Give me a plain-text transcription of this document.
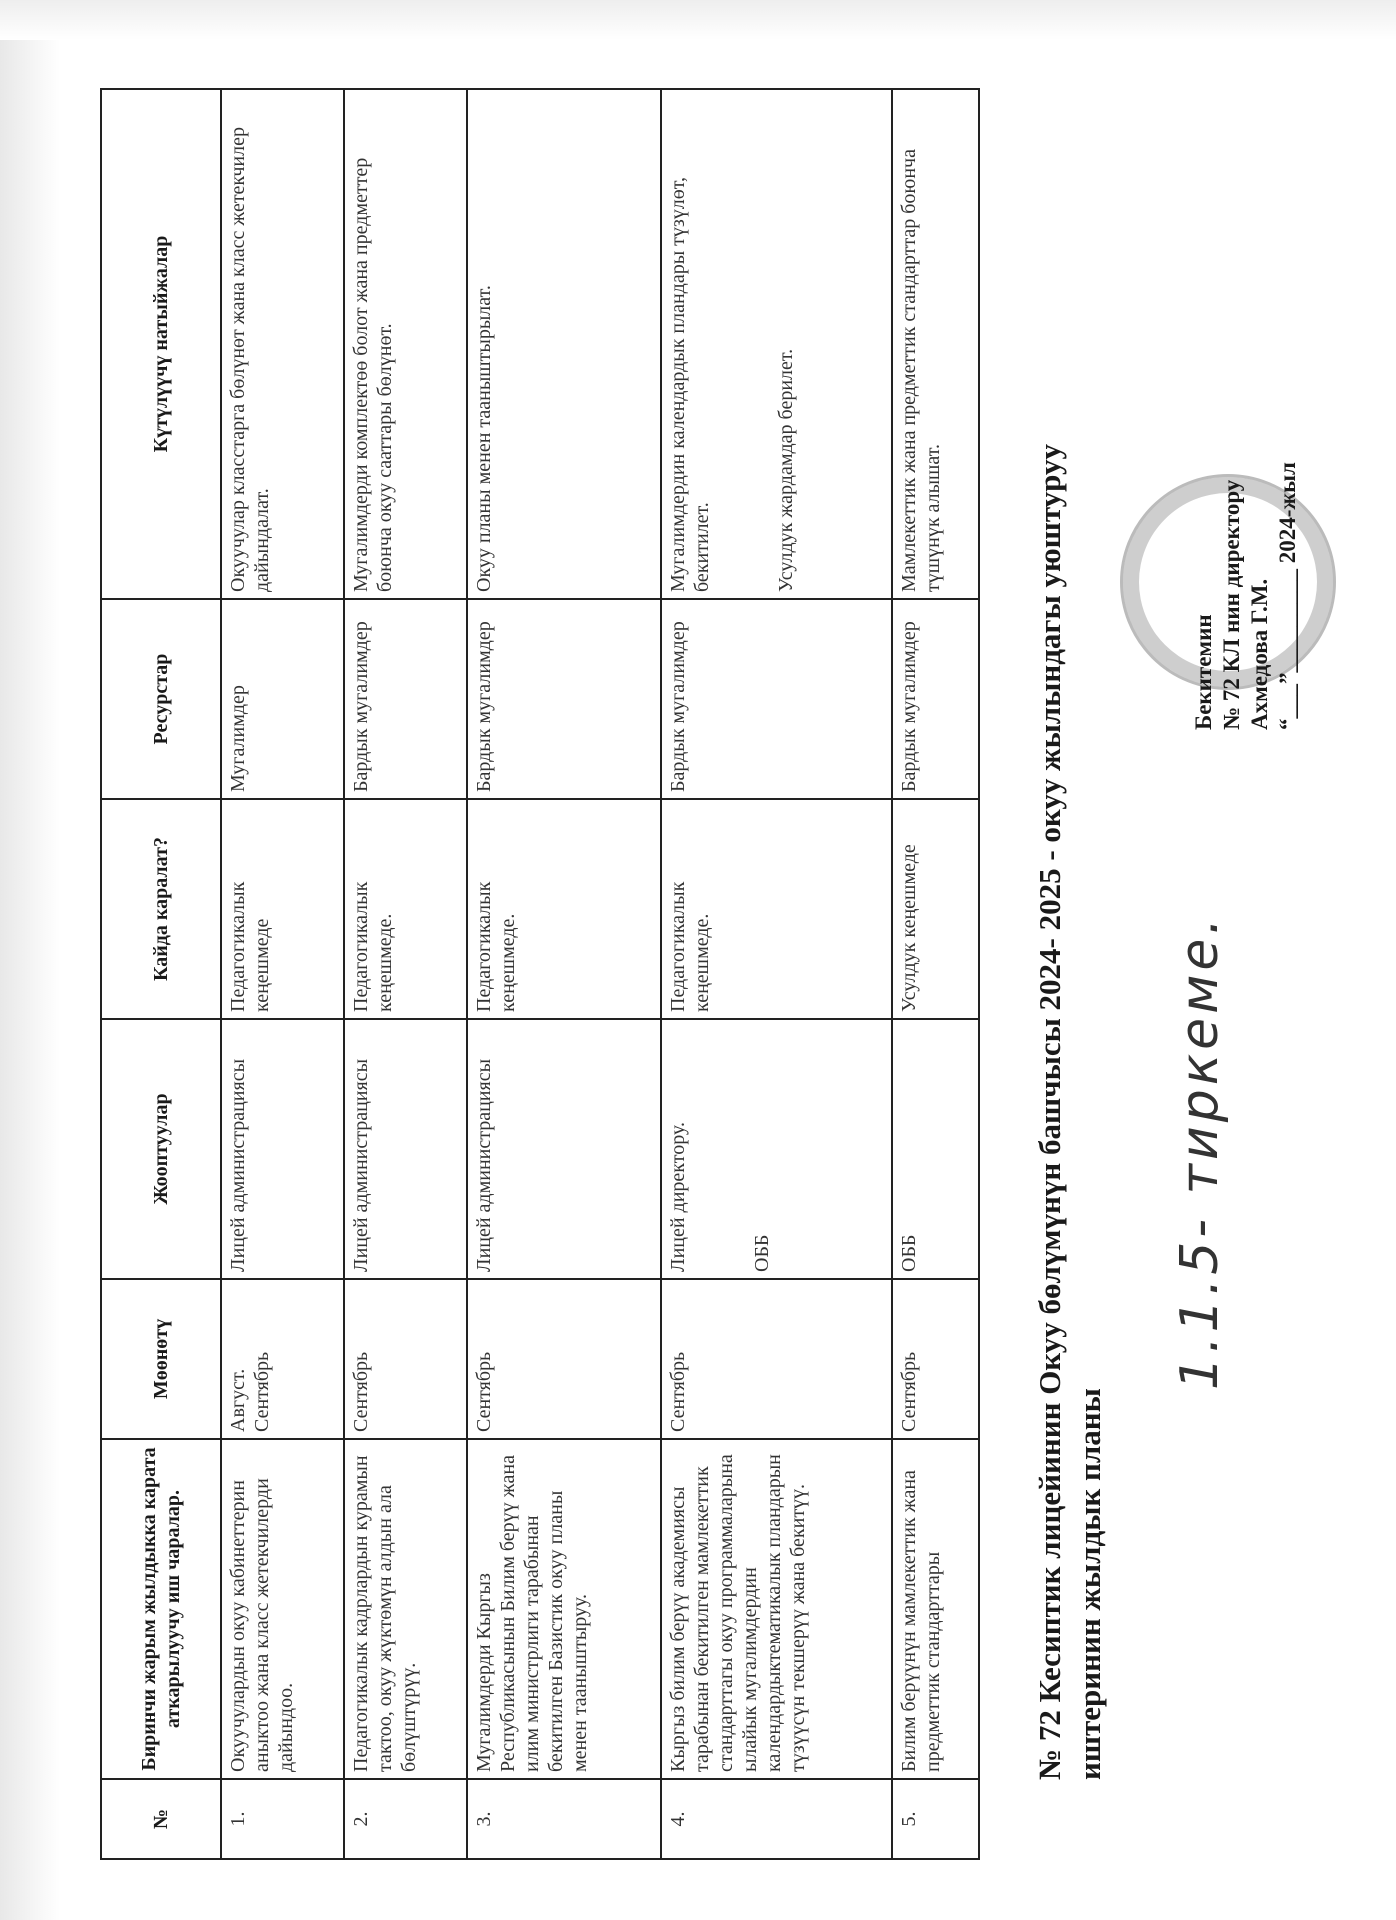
1.1.5- тиркеме.
Бекитемин № 72 КЛ нин директору Ахмедова Г.М. “___”_________ 2024-жыл
№ 72 Кесиптик лицейинин Окуу бөлүмүнүн башчысы 2024- 2025 - окуу жылындагы уюштуруу иштеринин жылдык планы
№	Биринчи жарым жылдыкка карата аткарылуучу иш чаралар.	Мөөнөтү	Жооптуулар	Кайда каралат?	Ресурстар	Күтүлүүчү натыйжалар
1.	Окуучулардын окуу кабинеттерин аныктоо жана класс жетекчилерди дайындоо.	Август. Сентябрь	Лицей администрациясы	Педагогикалык кеңешмеде	Мугалимдер	Окуучулар класстарга бөлүнөт жана класс жетекчилер дайындалат.
2.	Педагогикалык кадрлардын курамын тактоо, окуу жүктөмүн алдын ала бөлүштүрүү.	Сентябрь	Лицей администрациясы	Педагогикалык кеңешмеде.	Бардык мугалимдер	Мугалимдерди комплектөө болот жана предметтер боюнча окуу сааттары бөлүнөт.
3.	Мугалимдерди Кыргыз Республикасынын Билим берүү жана илим министрлиги тарабынан бекитилген Базистик окуу планы менен тааныштыруу.	Сентябрь	Лицей администрациясы	Педагогикалык кеңешмеде.	Бардык мугалимдер	Окуу планы менен тааныштырылат.
4.	Кыргыз билим берүү академиясы тарабынан бекитилген мамлекеттик стандарттагы окуу программаларына ылайык мугалимдердин календардыктематикалык пландарын түзүүсүн текшерүү жана бекитүү.	Сентябрь	Лицей директору. ОББ	Педагогикалык кеңешмеде.	Бардык мугалимдер	Мугалимдердин календардык пландары түзүлөт, бекитилет. Усулдук жардамдар берилет.

5.	Билим берүүнүн мамлекеттик жана предметтик стандарттары	Сентябрь	ОББ	Усулдук кеңешмеде	Бардык мугалимдер	Мамлекеттик жана предметтик стандарттар боюнча түшүнүк алышат.
